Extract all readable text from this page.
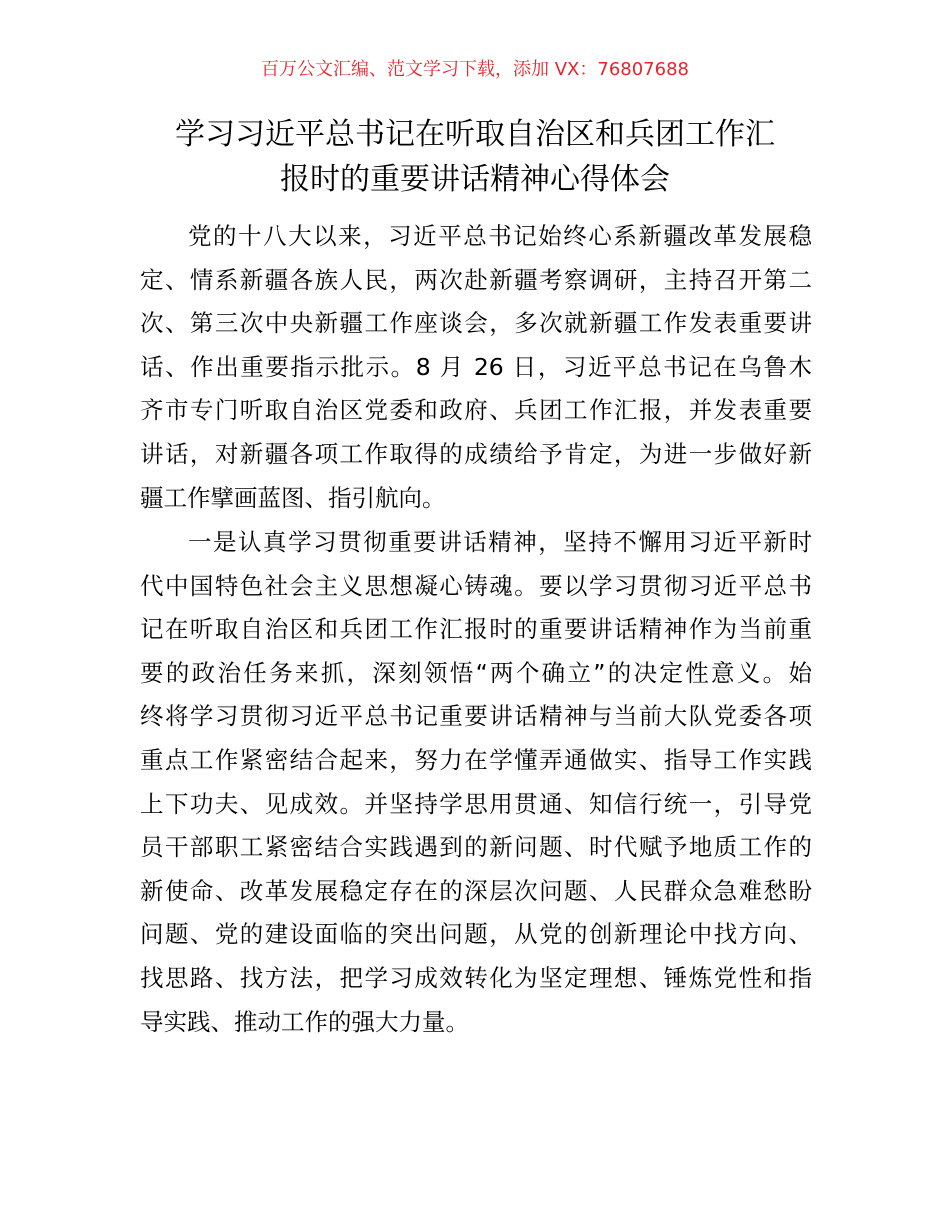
百万公文汇编、范文学习下载，添加 VX：76807688
学习习近平总书记在听取自治区和兵团工作汇
报时的重要讲话精神心得体会
党的十八大以来，习近平总书记始终心系新疆改革发展稳
定、情系新疆各族人民，两次赴新疆考察调研，主持召开第二
次、第三次中央新疆工作座谈会，多次就新疆工作发表重要讲
话、作出重要指示批示。8 月 26 日，习近平总书记在乌鲁木
齐市专门听取自治区党委和政府、兵团工作汇报，并发表重要
讲话，对新疆各项工作取得的成绩给予肯定，为进一步做好新
疆工作擘画蓝图、指引航向。
一是认真学习贯彻重要讲话精神，坚持不懈用习近平新时
代中国特色社会主义思想凝心铸魂。要以学习贯彻习近平总书
记在听取自治区和兵团工作汇报时的重要讲话精神作为当前重
要的政治任务来抓，深刻领悟“两个确立”的决定性意义。始
终将学习贯彻习近平总书记重要讲话精神与当前大队党委各项
重点工作紧密结合起来，努力在学懂弄通做实、指导工作实践
上下功夫、见成效。并坚持学思用贯通、知信行统一，引导党
员干部职工紧密结合实践遇到的新问题、时代赋予地质工作的
新使命、改革发展稳定存在的深层次问题、人民群众急难愁盼
问题、党的建设面临的突出问题，从党的创新理论中找方向、
找思路、找方法，把学习成效转化为坚定理想、锤炼党性和指
导实践、推动工作的强大力量。
